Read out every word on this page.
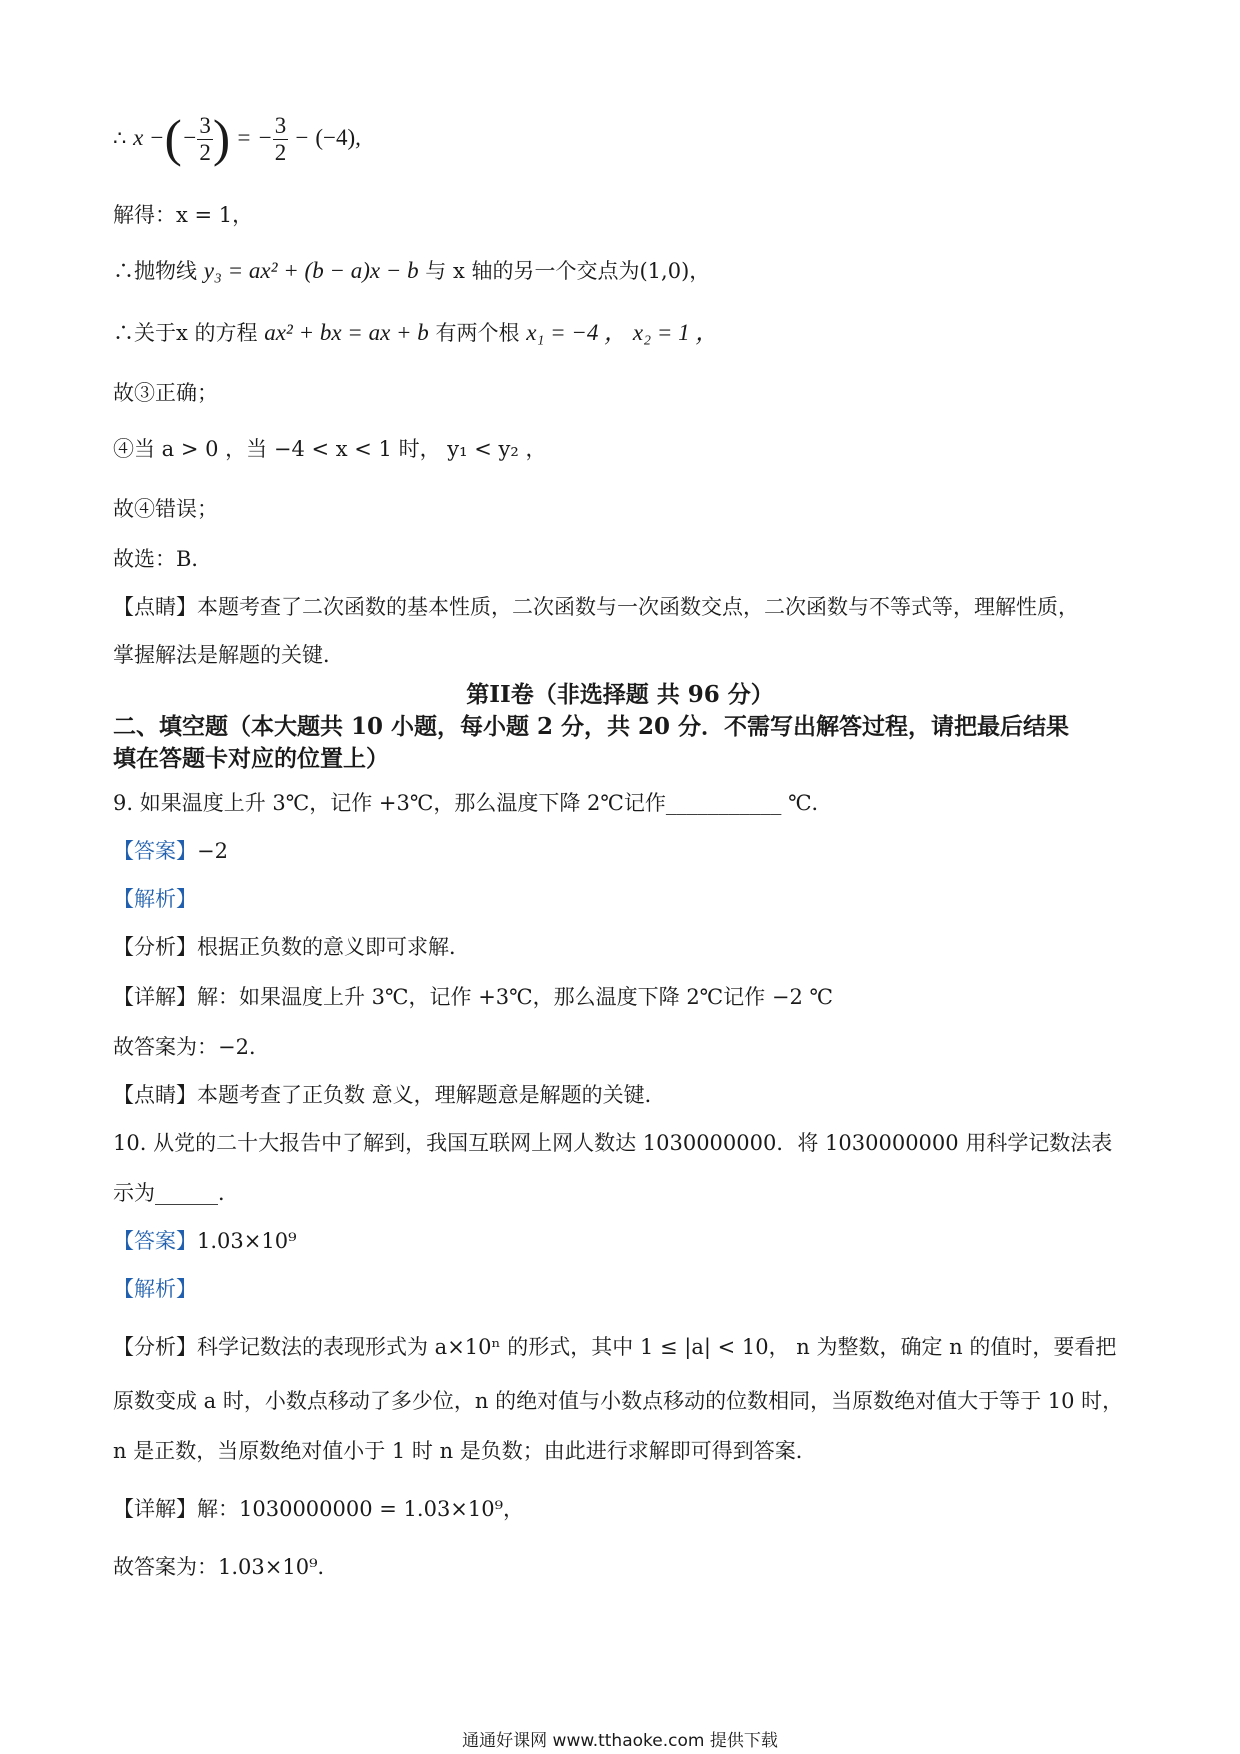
∴ x −(− $\frac{3}{2}$ ) = − $\frac{3}{2} - (-4)$,
解得：x = 1，
∴抛物线 y₃ = ax² + (b − a)x − b 与 x 轴的另一个交点为(1,0)，
∴关于x 的方程 ax² + bx = ax + b 有两个根 x₁ = −4 ， x₂ = 1 ，
故③正确；
④当 a > 0 ，当 −4 < x < 1 时， y₁ < y₂ ，
故④错误；
故选：B．
【点睛】本题考查了二次函数的基本性质，二次函数与一次函数交点，二次函数与不等式等，理解性质，
掌握解法是解题的关键．
第II卷（非选择题 共 96 分）
二、填空题（本大题共 10 小题，每小题 2 分，共 20 分．不需写出解答过程，请把最后结果
填在答题卡对应的位置上）
9. 如果温度上升 3℃，记作 +3℃，那么温度下降 2℃记作___________ ℃．
【答案】−2
【解析】
【分析】根据正负数的意义即可求解．
【详解】解：如果温度上升 3℃，记作 +3℃，那么温度下降 2℃记作 −2 ℃
故答案为：−2．
【点睛】本题考查了正负数 意义，理解题意是解题的关键．
10. 从党的二十大报告中了解到，我国互联网上网人数达 1030000000．将 1030000000 用科学记数法表
示为______．
【答案】1.03×10⁹
【解析】
【分析】科学记数法的表现形式为 a×10ⁿ 的形式，其中 1 ≤ |a| < 10， n 为整数，确定 n 的值时，要看把
原数变成 a 时，小数点移动了多少位，n 的绝对值与小数点移动的位数相同，当原数绝对值大于等于 10 时，
n 是正数，当原数绝对值小于 1 时 n 是负数；由此进行求解即可得到答案．
【详解】解：1030000000 = 1.03×10⁹，
故答案为：1.03×10⁹．
通通好课网 www.tthaoke.com 提供下载
